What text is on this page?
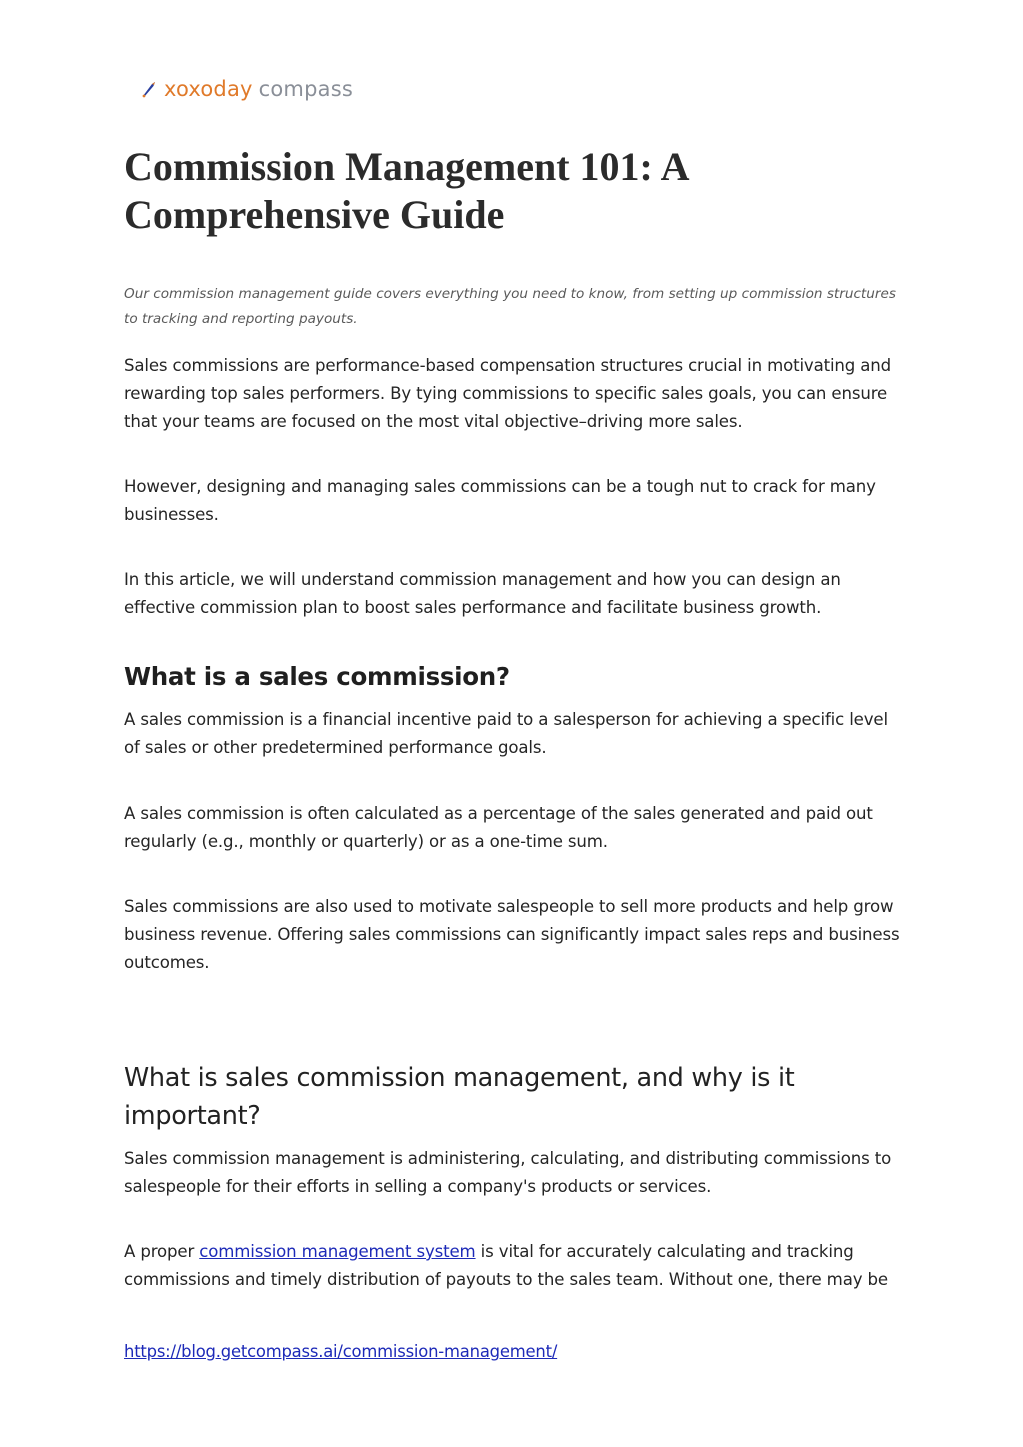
xoxoday compass
Commission Management 101: A Comprehensive Guide

Our commission management guide covers everything you need to know, from setting up commission structures to tracking and reporting payouts.

Sales commissions are performance-based compensation structures crucial in motivating and rewarding top sales performers. By tying commissions to specific sales goals, you can ensure that your teams are focused on the most vital objective–driving more sales.

However, designing and managing sales commissions can be a tough nut to crack for many businesses.

In this article, we will understand commission management and how you can design an effective commission plan to boost sales performance and facilitate business growth.

What is a sales commission?

A sales commission is a financial incentive paid to a salesperson for achieving a specific level of sales or other predetermined performance goals.

A sales commission is often calculated as a percentage of the sales generated and paid out regularly (e.g., monthly or quarterly) or as a one-time sum.

Sales commissions are also used to motivate salespeople to sell more products and help grow business revenue. Offering sales commissions can significantly impact sales reps and business outcomes.

What is sales commission management, and why is it important?

Sales commission management is administering, calculating, and distributing commissions to salespeople for their efforts in selling a company's products or services.

A proper commission management system is vital for accurately calculating and tracking commissions and timely distribution of payouts to the sales team. Without one, there may be

https://blog.getcompass.ai/commission-management/
